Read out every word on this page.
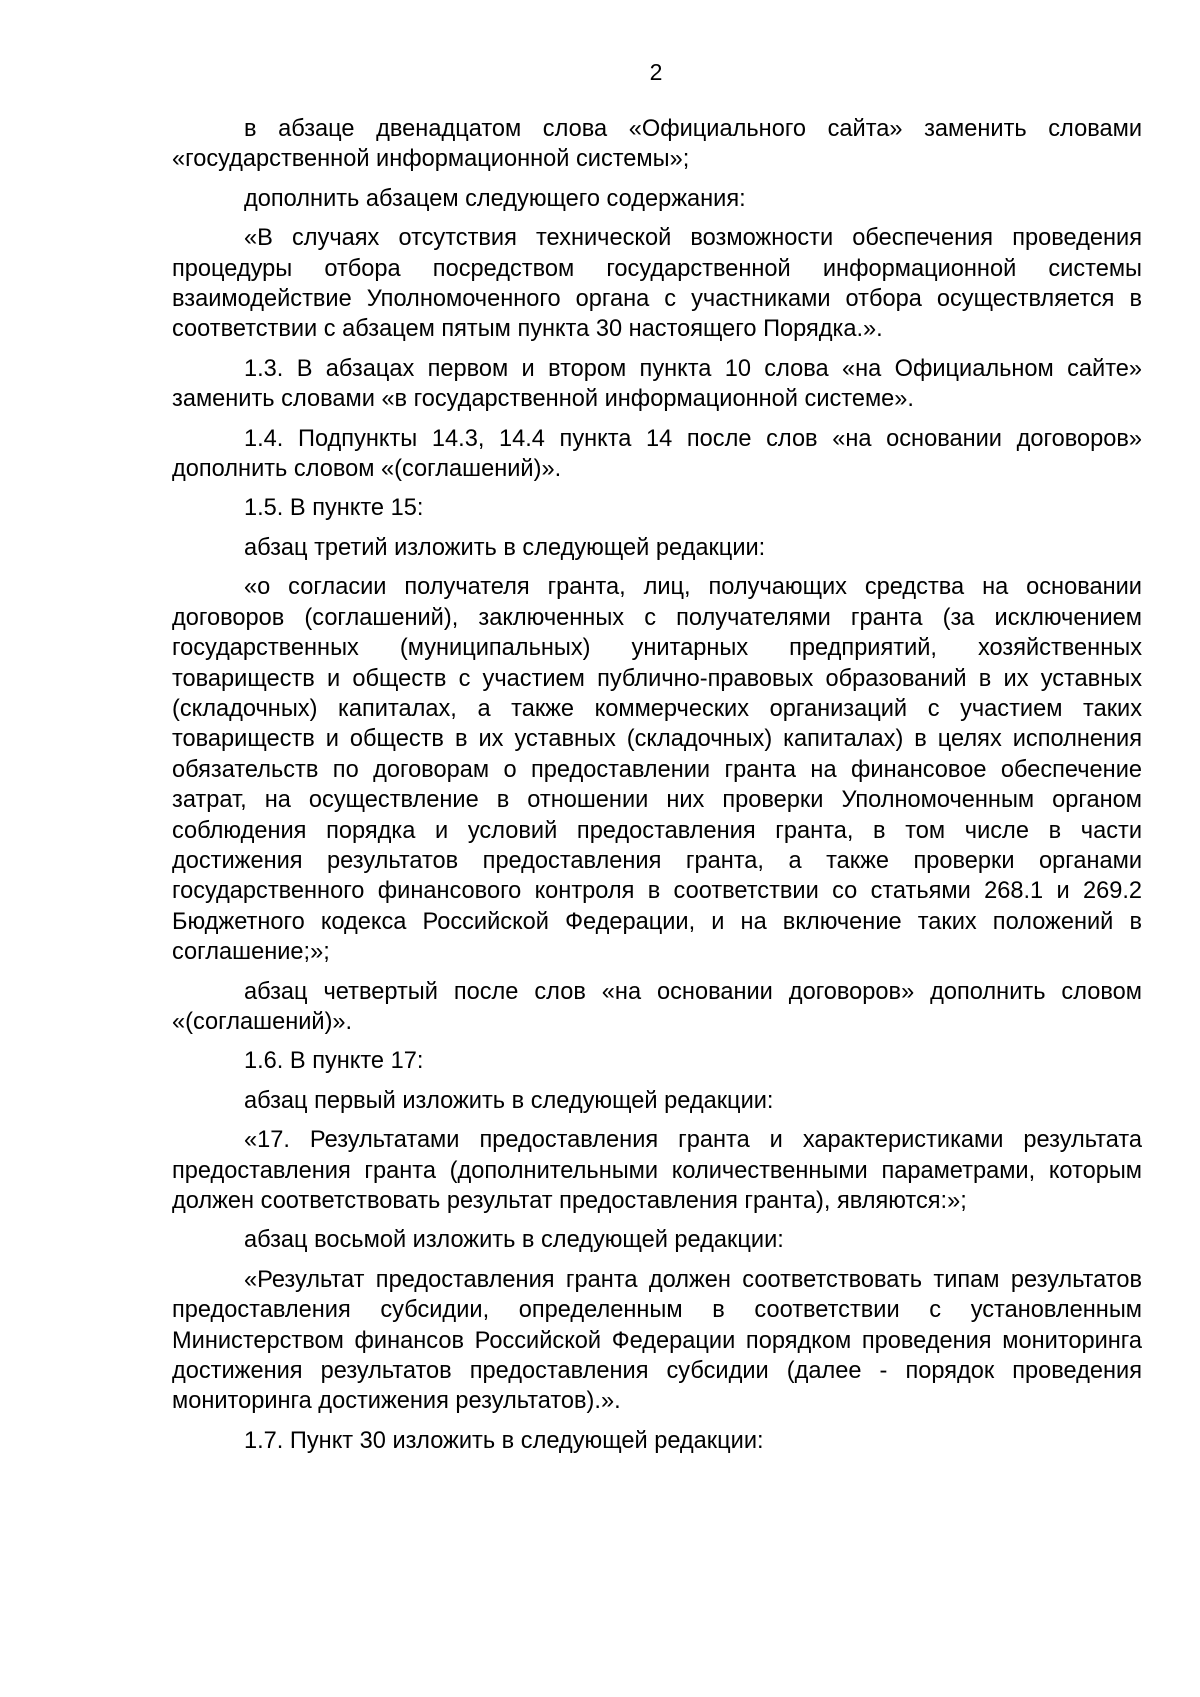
2

в абзаце двенадцатом слова «Официального сайта» заменить словами «государственной информационной системы»;

дополнить абзацем следующего содержания:

«В случаях отсутствия технической возможности обеспечения проведения процедуры отбора посредством государственной информационной системы взаимодействие Уполномоченного органа с участниками отбора осуществляется в соответствии с абзацем пятым пункта 30 настоящего Порядка.».

1.3. В абзацах первом и втором пункта 10 слова «на Официальном сайте» заменить словами «в государственной информационной системе».

1.4. Подпункты 14.3, 14.4 пункта 14 после слов «на основании договоров» дополнить словом «(соглашений)».

1.5. В пункте 15:

абзац третий изложить в следующей редакции:

«о согласии получателя гранта, лиц, получающих средства на основании договоров (соглашений), заключенных с получателями гранта (за исключением государственных (муниципальных) унитарных предприятий, хозяйственных товариществ и обществ с участием публично-правовых образований в их уставных (складочных) капиталах, а также коммерческих организаций с участием таких товариществ и обществ в их уставных (складочных) капиталах) в целях исполнения обязательств по договорам о предоставлении гранта на финансовое обеспечение затрат, на осуществление в отношении них проверки Уполномоченным органом соблюдения порядка и условий предоставления гранта, в том числе в части достижения результатов предоставления гранта, а также проверки органами государственного финансового контроля в соответствии со статьями 268.1 и 269.2 Бюджетного кодекса Российской Федерации, и на включение таких положений в соглашение;»;

абзац четвертый после слов «на основании договоров» дополнить словом «(соглашений)».

1.6. В пункте 17:

абзац первый изложить в следующей редакции:

«17. Результатами предоставления гранта и характеристиками результата предоставления гранта (дополнительными количественными параметрами, которым должен соответствовать результат предоставления гранта), являются:»;

абзац восьмой изложить в следующей редакции:

«Результат предоставления гранта должен соответствовать типам результатов предоставления субсидии, определенным в соответствии с установленным Министерством финансов Российской Федерации порядком проведения мониторинга достижения результатов предоставления субсидии (далее - порядок проведения мониторинга достижения результатов).».

1.7. Пункт 30 изложить в следующей редакции:
